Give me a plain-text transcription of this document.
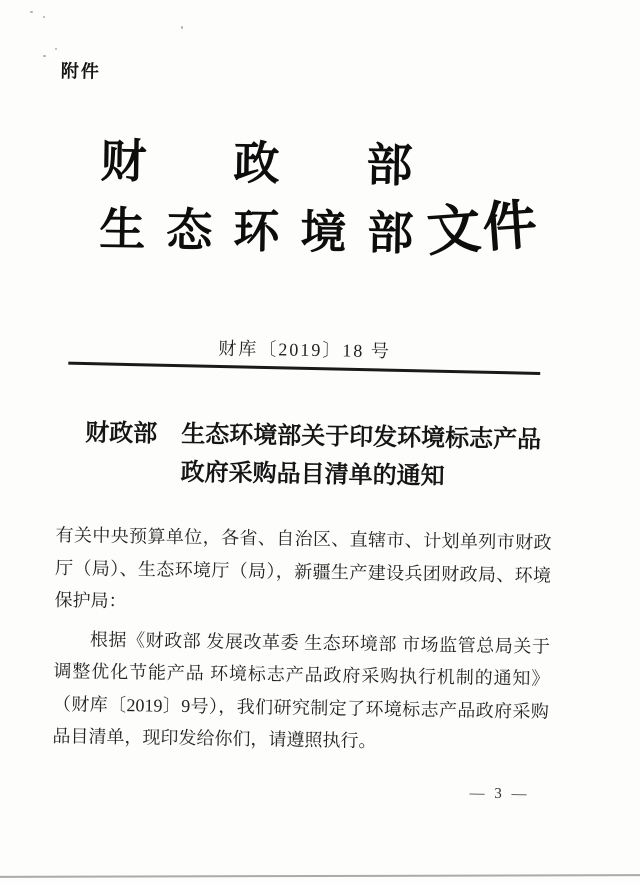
附件
财政部
生态环境部
文件
财库〔2019〕18 号
财政部　生态环境部关于印发环境标志产品
政府采购品目清单的通知

有关中央预算单位，各省、自治区、直辖市、计划单列市财政厅（局）、生态环境厅（局），新疆生产建设兵团财政局、环境保护局：

根据《财政部 发展改革委 生态环境部 市场监管总局关于调整优化节能产品 环境标志产品政府采购执行机制的通知》（财库〔2019〕9号），我们研究制定了环境标志产品政府采购品目清单，现印发给你们，请遵照执行。

— 3 —
